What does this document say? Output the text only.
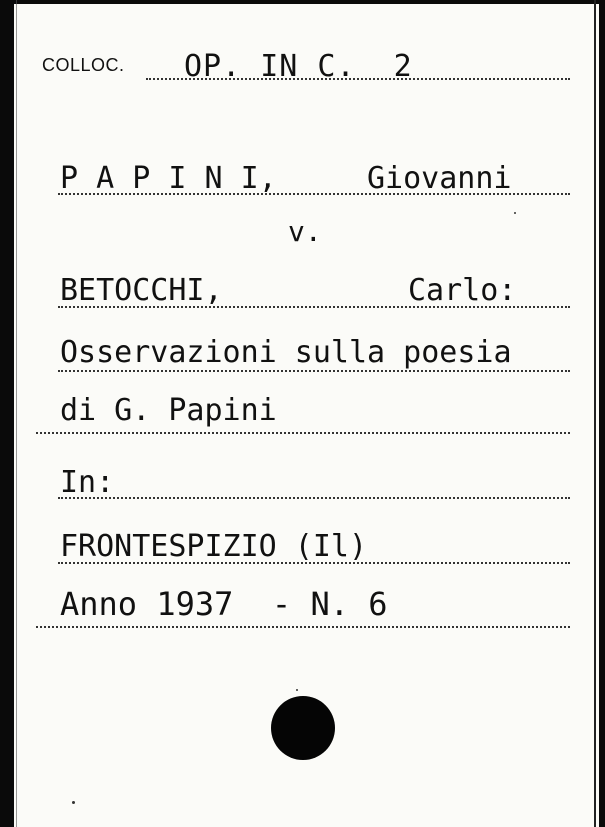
COLLOC. OP. IN C.  2
P A P I N I,	Giovanni
v.
BETOCCHI,	Carlo:
Osservazioni sulla poesia
di G. Papini
In:
FRONTESPIZIO (Il)
Anno 1937  - N. 6
